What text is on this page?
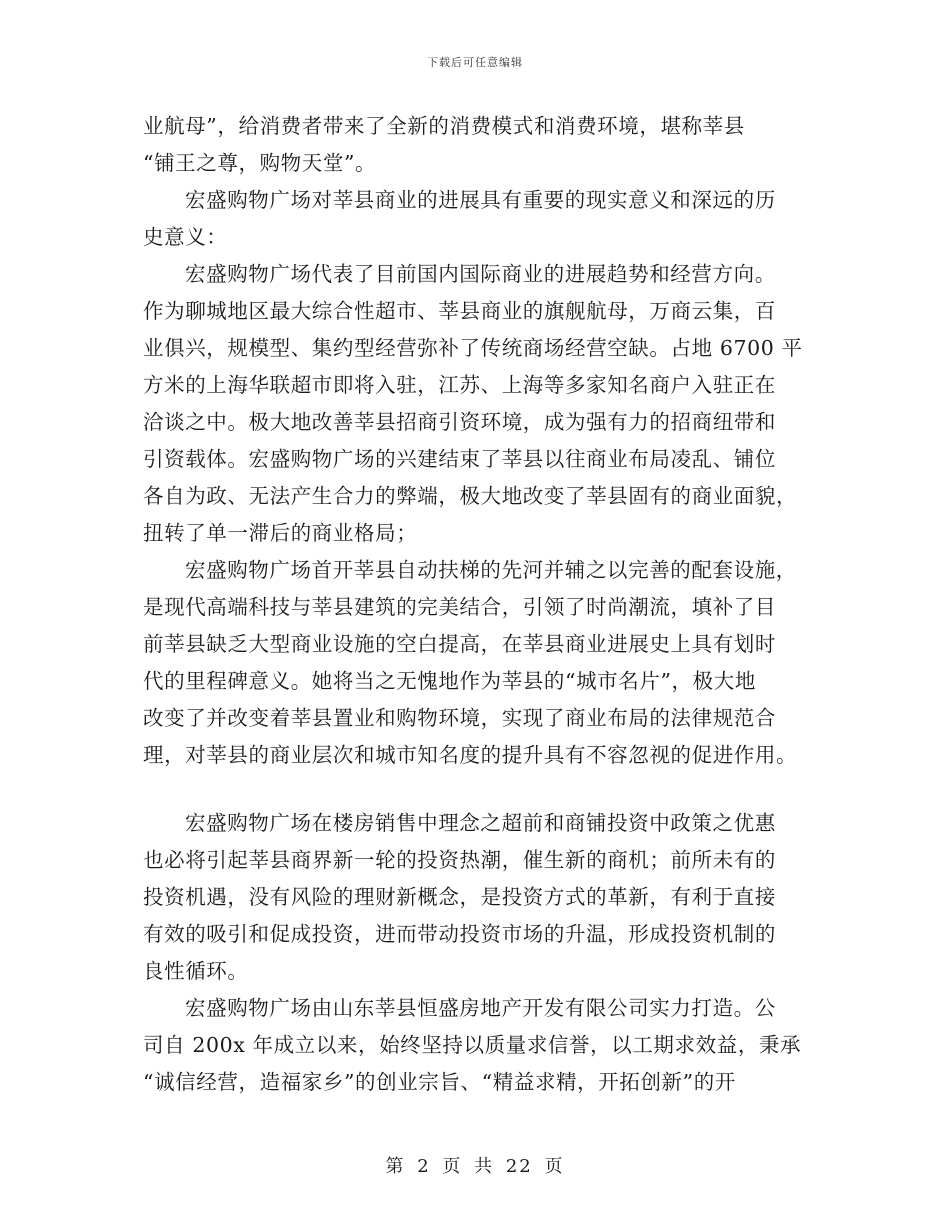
下载后可任意编辑
业航母”，给消费者带来了全新的消费模式和消费环境，堪称莘县
“铺王之尊，购物天堂”。
宏盛购物广场对莘县商业的进展具有重要的现实意义和深远的历
史意义：
宏盛购物广场代表了目前国内国际商业的进展趋势和经营方向。
作为聊城地区最大综合性超市、莘县商业的旗舰航母，万商云集，百
业俱兴，规模型、集约型经营弥补了传统商场经营空缺。占地 6700 平
方米的上海华联超市即将入驻，江苏、上海等多家知名商户入驻正在
洽谈之中。极大地改善莘县招商引资环境，成为强有力的招商纽带和
引资载体。宏盛购物广场的兴建结束了莘县以往商业布局凌乱、铺位
各自为政、无法产生合力的弊端，极大地改变了莘县固有的商业面貌，
扭转了单一滞后的商业格局；
宏盛购物广场首开莘县自动扶梯的先河并辅之以完善的配套设施，
是现代高端科技与莘县建筑的完美结合，引领了时尚潮流，填补了目
前莘县缺乏大型商业设施的空白提高，在莘县商业进展史上具有划时
代的里程碑意义。她将当之无愧地作为莘县的“城市名片”，极大地
改变了并改变着莘县置业和购物环境，实现了商业布局的法律规范合
理，对莘县的商业层次和城市知名度的提升具有不容忽视的促进作用。
宏盛购物广场在楼房销售中理念之超前和商铺投资中政策之优惠
也必将引起莘县商界新一轮的投资热潮，催生新的商机；前所未有的
投资机遇，没有风险的理财新概念，是投资方式的革新，有利于直接
有效的吸引和促成投资，进而带动投资市场的升温，形成投资机制的
良性循环。
宏盛购物广场由山东莘县恒盛房地产开发有限公司实力打造。公
司自 200x 年成立以来，始终坚持以质量求信誉，以工期求效益，秉承
“诚信经营，造福家乡”的创业宗旨、“精益求精，开拓创新”的开
第 2 页 共 22 页
